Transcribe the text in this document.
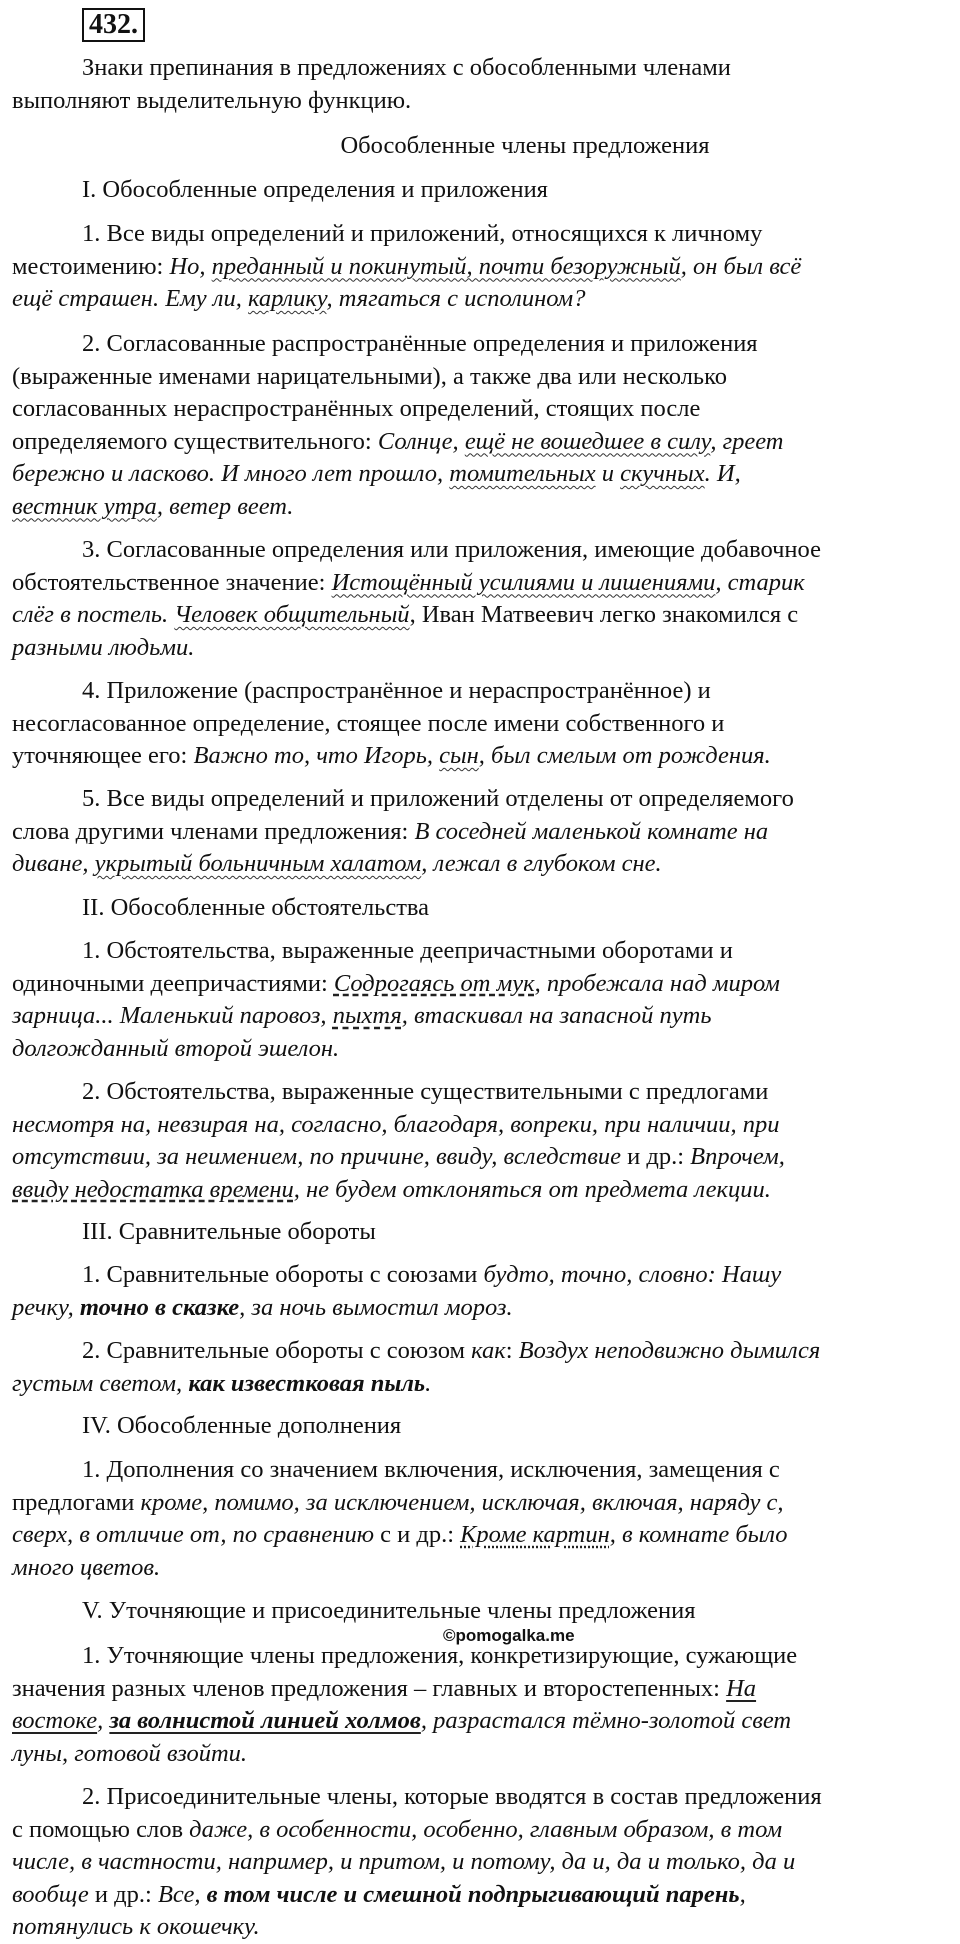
432.

Знаки препинания в предложениях с обособленными членами
выполняют выделительную функцию.

Обособленные члены предложения

I. Обособленные определения и приложения

1. Все виды определений и приложений, относящихся к личному
местоимению: Но, преданный и покинутый, почти безоружный, он был всё
ещё страшен. Ему ли, карлику, тягаться с исполином?

2. Согласованные распространённые определения и приложения
(выраженные именами нарицательными), а также два или несколько
согласованных нераспространённых определений, стоящих после
определяемого существительного: Солнце, ещё не вошедшее в силу, греет
бережно и ласково. И много лет прошло, томительных и скучных. И,
вестник утра, ветер веет.

3. Согласованные определения или приложения, имеющие добавочное
обстоятельственное значение: Истощённый усилиями и лишениями, старик
слёг в постель. Человек общительный, Иван Матвеевич легко знакомился с
разными людьми.

4. Приложение (распространённое и нераспространённое) и
несогласованное определение, стоящее после имени собственного и
уточняющее его: Важно то, что Игорь, сын, был смелым от рождения.

5. Все виды определений и приложений отделены от определяемого
слова другими членами предложения: В соседней маленькой комнате на
диване, укрытый больничным халатом, лежал в глубоком сне.

II. Обособленные обстоятельства

1. Обстоятельства, выраженные деепричастными оборотами и
одиночными деепричастиями: Содрогаясь от мук, пробежала над миром
зарница... Маленький паровоз, пыхтя, втаскивал на запасной путь
долгожданный второй эшелон.

2. Обстоятельства, выраженные существительными с предлогами
несмотря на, невзирая на, согласно, благодаря, вопреки, при наличии, при
отсутствии, за неимением, по причине, ввиду, вследствие и др.: Впрочем,
ввиду недостатка времени, не будем отклоняться от предмета лекции.

III. Сравнительные обороты

1. Сравнительные обороты с союзами будто, точно, словно: Нашу
речку, точно в сказке, за ночь вымостил мороз.

2. Сравнительные обороты с союзом как: Воздух неподвижно дымился
густым светом, как известковая пыль.

IV. Обособленные дополнения

1. Дополнения со значением включения, исключения, замещения с
предлогами кроме, помимо, за исключением, исключая, включая, наряду с,
сверх, в отличие от, по сравнению с и др.: Кроме картин, в комнате было
много цветов.

V. Уточняющие и присоединительные члены предложения

©pomogalka.me

1. Уточняющие члены предложения, конкретизирующие, сужающие
значения разных членов предложения – главных и второстепенных: На
востоке, за волнистой линией холмов, разрастался тёмно-золотой свет
луны, готовой взойти.

2. Присоединительные члены, которые вводятся в состав предложения
с помощью слов даже, в особенности, особенно, главным образом, в том
числе, в частности, например, и притом, и потому, да и, да и только, да и
вообще и др.: Все, в том числе и смешной подпрыгивающий парень,
потянулись к окошечку.
